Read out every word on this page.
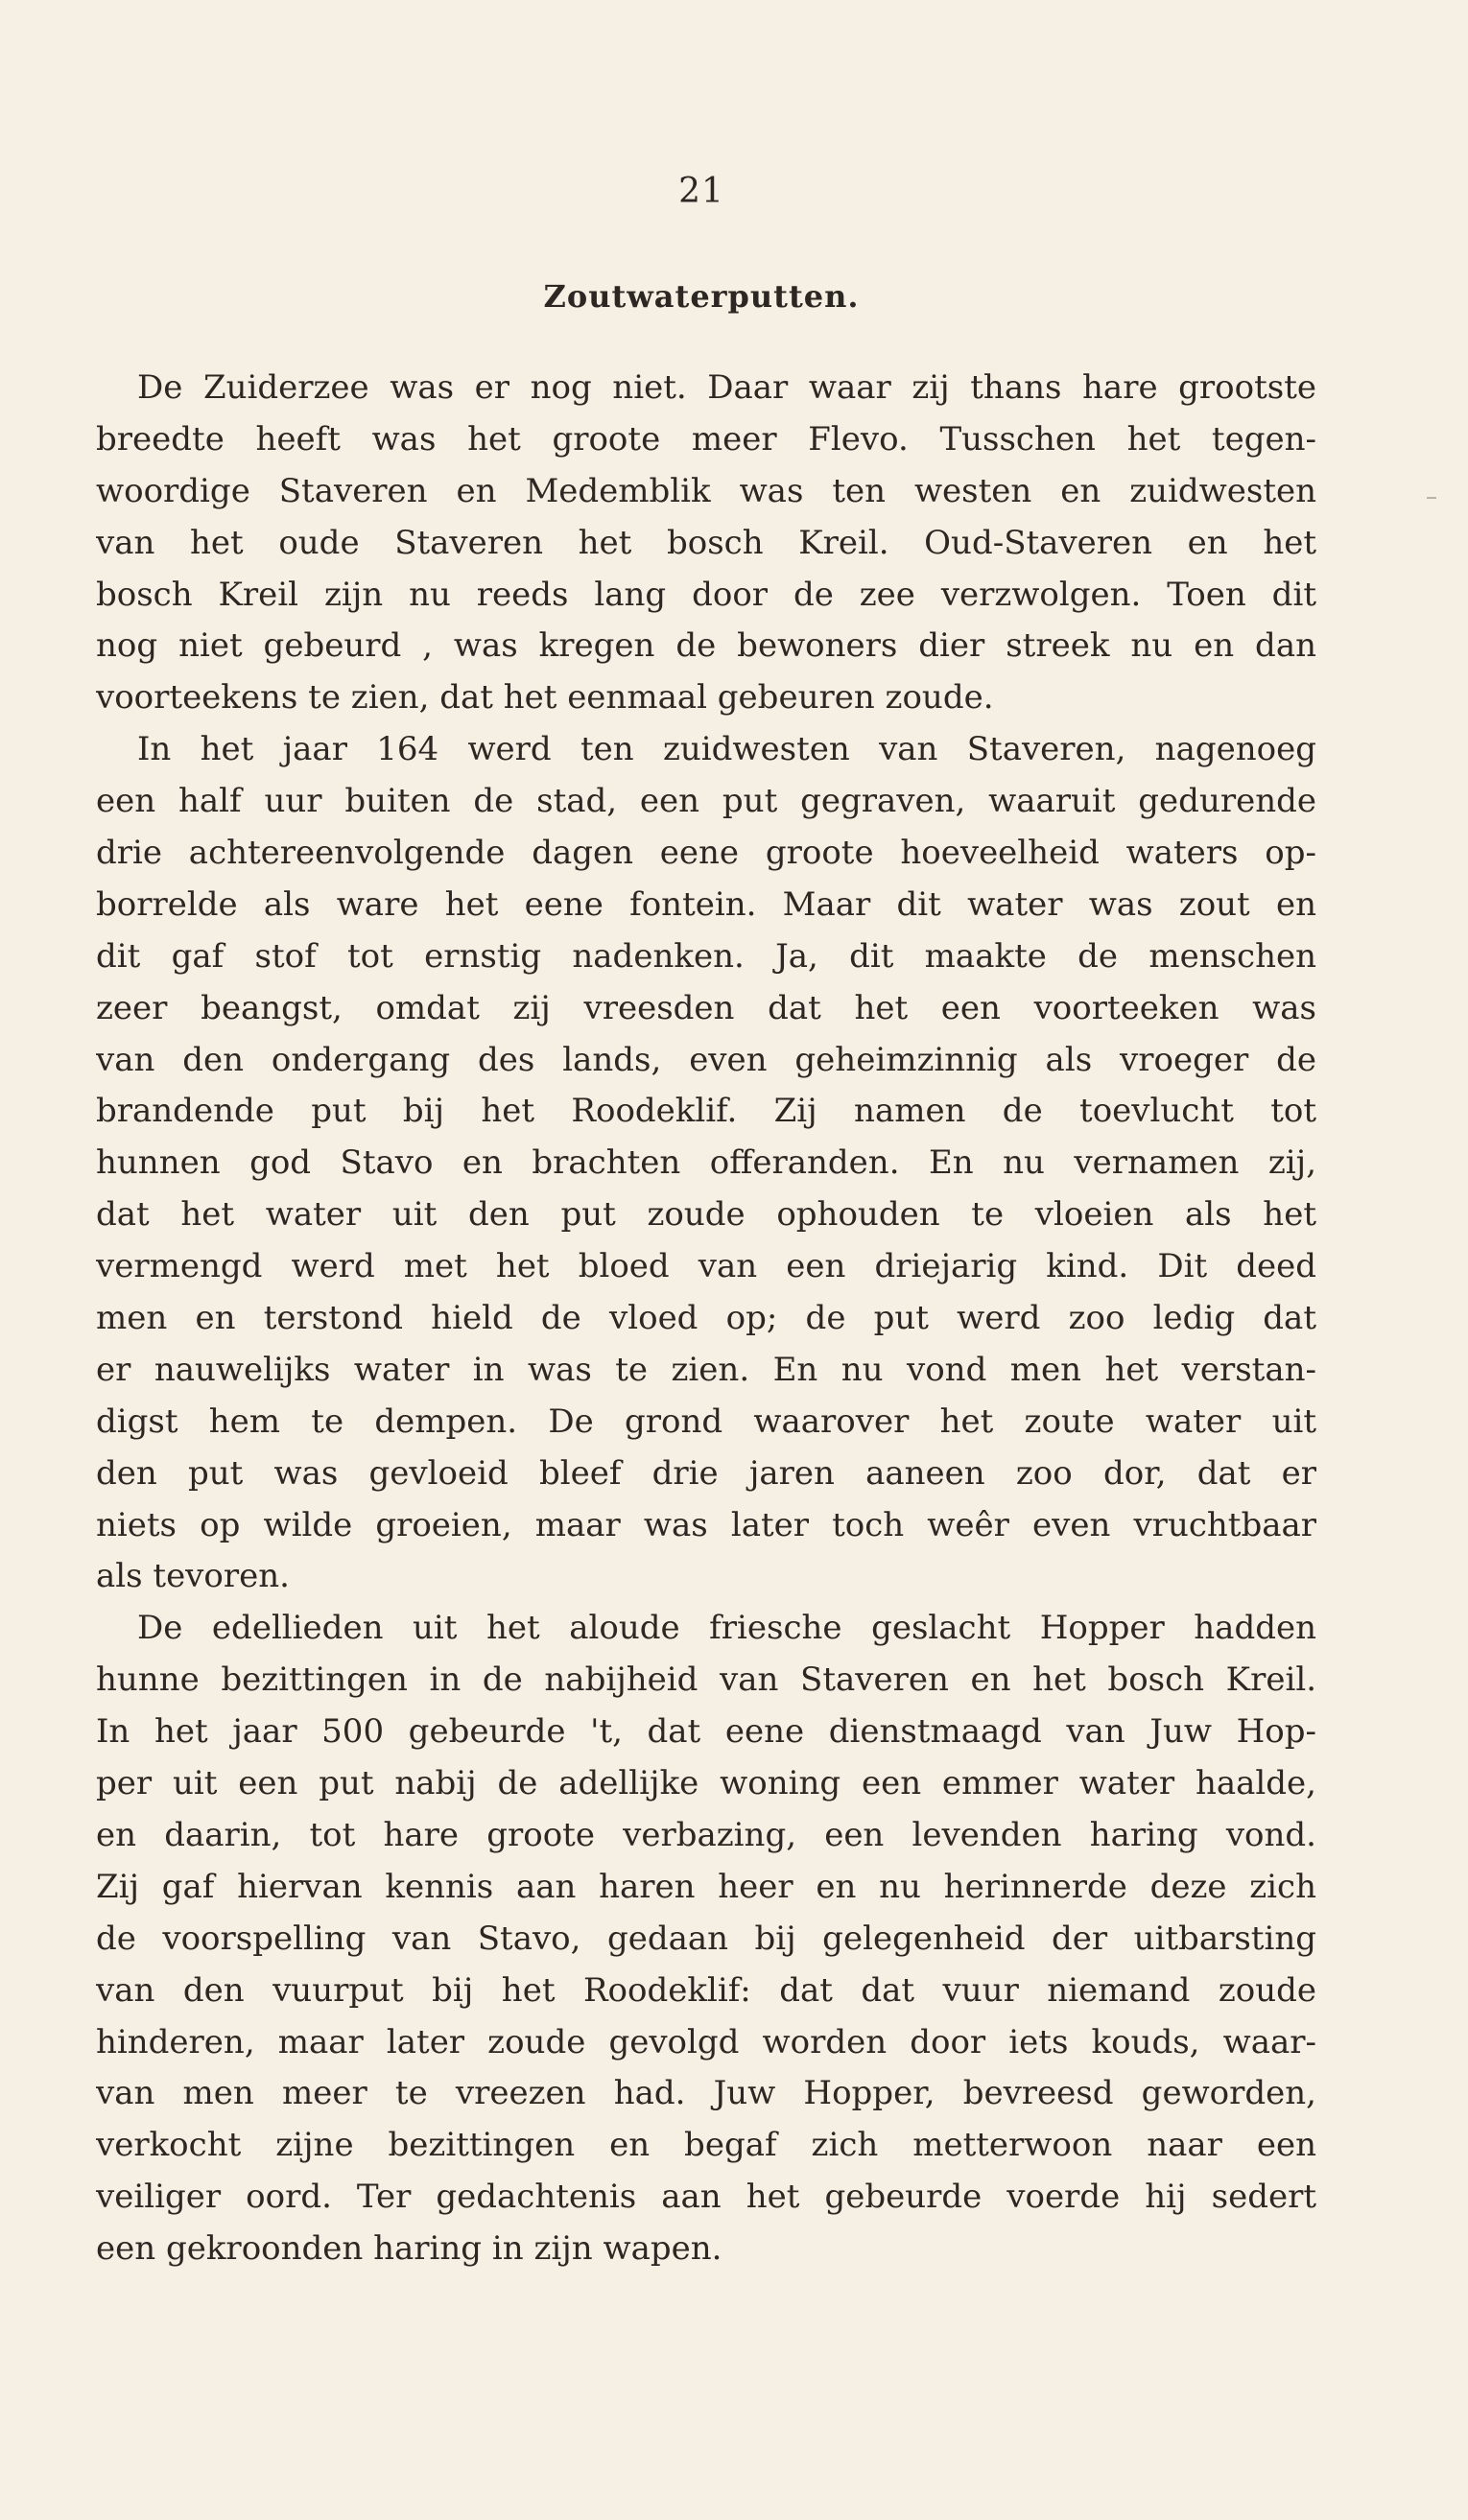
21
Zoutwaterputten.
De Zuiderzee was er nog niet. Daar waar zij thans hare grootste
breedte heeft was het groote meer Flevo. Tusschen het tegen-
woordige Staveren en Medemblik was ten westen en zuidwesten
van het oude Staveren het bosch Kreil. Oud-Staveren en het
bosch Kreil zijn nu reeds lang door de zee verzwolgen. Toen dit
nog niet gebeurd , was kregen de bewoners dier streek nu en dan
voorteekens te zien, dat het eenmaal gebeuren zoude.
In het jaar 164 werd ten zuidwesten van Staveren, nagenoeg
een half uur buiten de stad, een put gegraven, waaruit gedurende
drie achtereenvolgende dagen eene groote hoeveelheid waters op-
borrelde als ware het eene fontein. Maar dit water was zout en
dit gaf stof tot ernstig nadenken. Ja, dit maakte de menschen
zeer beangst, omdat zij vreesden dat het een voorteeken was
van den ondergang des lands, even geheimzinnig als vroeger de
brandende put bij het Roodeklif. Zij namen de toevlucht tot
hunnen god Stavo en brachten offeranden. En nu vernamen zij,
dat het water uit den put zoude ophouden te vloeien als het
vermengd werd met het bloed van een driejarig kind. Dit deed
men en terstond hield de vloed op; de put werd zoo ledig dat
er nauwelijks water in was te zien. En nu vond men het verstan-
digst hem te dempen. De grond waarover het zoute water uit
den put was gevloeid bleef drie jaren aaneen zoo dor, dat er
niets op wilde groeien, maar was later toch weêr even vruchtbaar
als tevoren.
De edellieden uit het aloude friesche geslacht Hopper hadden
hunne bezittingen in de nabijheid van Staveren en het bosch Kreil.
In het jaar 500 gebeurde 't, dat eene dienstmaagd van Juw Hop-
per uit een put nabij de adellijke woning een emmer water haalde,
en daarin, tot hare groote verbazing, een levenden haring vond.
Zij gaf hiervan kennis aan haren heer en nu herinnerde deze zich
de voorspelling van Stavo, gedaan bij gelegenheid der uitbarsting
van den vuurput bij het Roodeklif: dat dat vuur niemand zoude
hinderen, maar later zoude gevolgd worden door iets kouds, waar-
van men meer te vreezen had. Juw Hopper, bevreesd geworden,
verkocht zijne bezittingen en begaf zich metterwoon naar een
veiliger oord. Ter gedachtenis aan het gebeurde voerde hij sedert
een gekroonden haring in zijn wapen.
